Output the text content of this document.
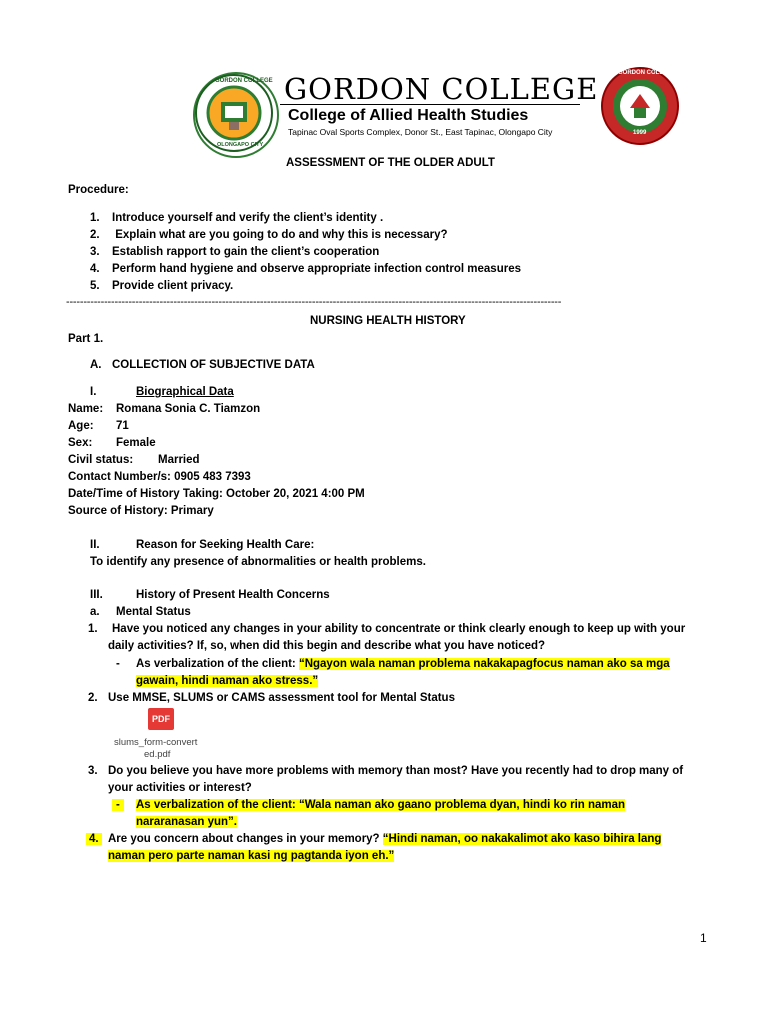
GORDON COLLEGE
OLONGAPO CITY
GORDON COLLEGE
College of Allied Health Studies
Tapinac Oval Sports Complex, Donor St., East Tapinac, Olongapo City
GORDON COLLEGE
1999
ASSESSMENT OF THE OLDER ADULT
Procedure:
1. Introduce yourself and verify the client’s identity .
2. Explain what are you going to do and why this is necessary?
3. Establish rapport to gain the client’s cooperation
4. Perform hand hygiene and observe appropriate infection control measures
5. Provide client privacy.
-----------------------------------------------------------------------------------------------------------------------------------------------
NURSING HEALTH HISTORY
Part 1.
A. COLLECTION OF SUBJECTIVE DATA
I.	Biographical Data
Name: Romana Sonia C. Tiamzon
Age: 71
Sex: Female
Civil status: Married
Contact Number/s: 0905 483 7393
Date/Time of History Taking: October 20, 2021 4:00 PM
Source of History: Primary
II.	Reason for Seeking Health Care:
To identify any presence of abnormalities or health problems.
III.	History of Present Health Concerns
a. Mental Status
1. Have you noticed any changes in your ability to concentrate or think clearly enough to keep up with your
daily activities? If, so, when did this begin and describe what you have noticed?
- As verbalization of the client: “Ngayon wala naman problema nakakapagfocus naman ako sa mga
gawain, hindi naman ako stress.”
2. Use MMSE, SLUMS or CAMS assessment tool for Mental Status
PDF
slums_form-convert
ed.pdf
3. Do you believe you have more problems with memory than most? Have you recently had to drop many of
your activities or interest?
-	As verbalization of the client: “Wala naman ako gaano problema dyan, hindi ko rin naman
nararanasan yun”.
4. Are you concern about changes in your memory? “Hindi naman, oo nakakalimot ako kaso bihira lang
naman pero parte naman kasi ng pagtanda iyon eh.”
1
